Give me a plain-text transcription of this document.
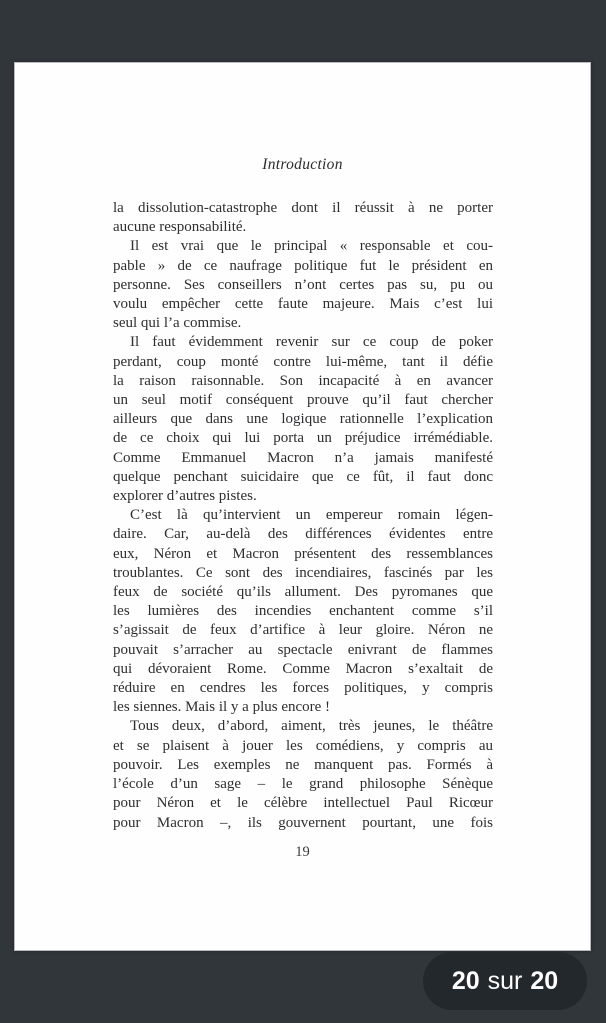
Introduction
la dissolution-catastrophe dont il réussit à ne porter
aucune responsabilité.
Il est vrai que le principal « responsable et cou-
pable » de ce naufrage politique fut le président en
personne. Ses conseillers n’ont certes pas su, pu ou
voulu empêcher cette faute majeure. Mais c’est lui
seul qui l’a commise.
Il faut évidemment revenir sur ce coup de poker
perdant, coup monté contre lui-même, tant il défie
la raison raisonnable. Son incapacité à en avancer
un seul motif conséquent prouve qu’il faut chercher
ailleurs que dans une logique rationnelle l’explication
de ce choix qui lui porta un préjudice irrémédiable.
Comme Emmanuel Macron n’a jamais manifesté
quelque penchant suicidaire que ce fût, il faut donc
explorer d’autres pistes.
C’est là qu’intervient un empereur romain légen-
daire. Car, au-delà des différences évidentes entre
eux, Néron et Macron présentent des ressemblances
troublantes. Ce sont des incendiaires, fascinés par les
feux de société qu’ils allument. Des pyromanes que
les lumières des incendies enchantent comme s’il
s’agissait de feux d’artifice à leur gloire. Néron ne
pouvait s’arracher au spectacle enivrant de flammes
qui dévoraient Rome. Comme Macron s’exaltait de
réduire en cendres les forces politiques, y compris
les siennes. Mais il y a plus encore !
Tous deux, d’abord, aiment, très jeunes, le théâtre
et se plaisent à jouer les comédiens, y compris au
pouvoir. Les exemples ne manquent pas. Formés à
l’école d’un sage – le grand philosophe Sénèque
pour Néron et le célèbre intellectuel Paul Ricœur
pour Macron –, ils gouvernent pourtant, une fois
19
20 sur 20
